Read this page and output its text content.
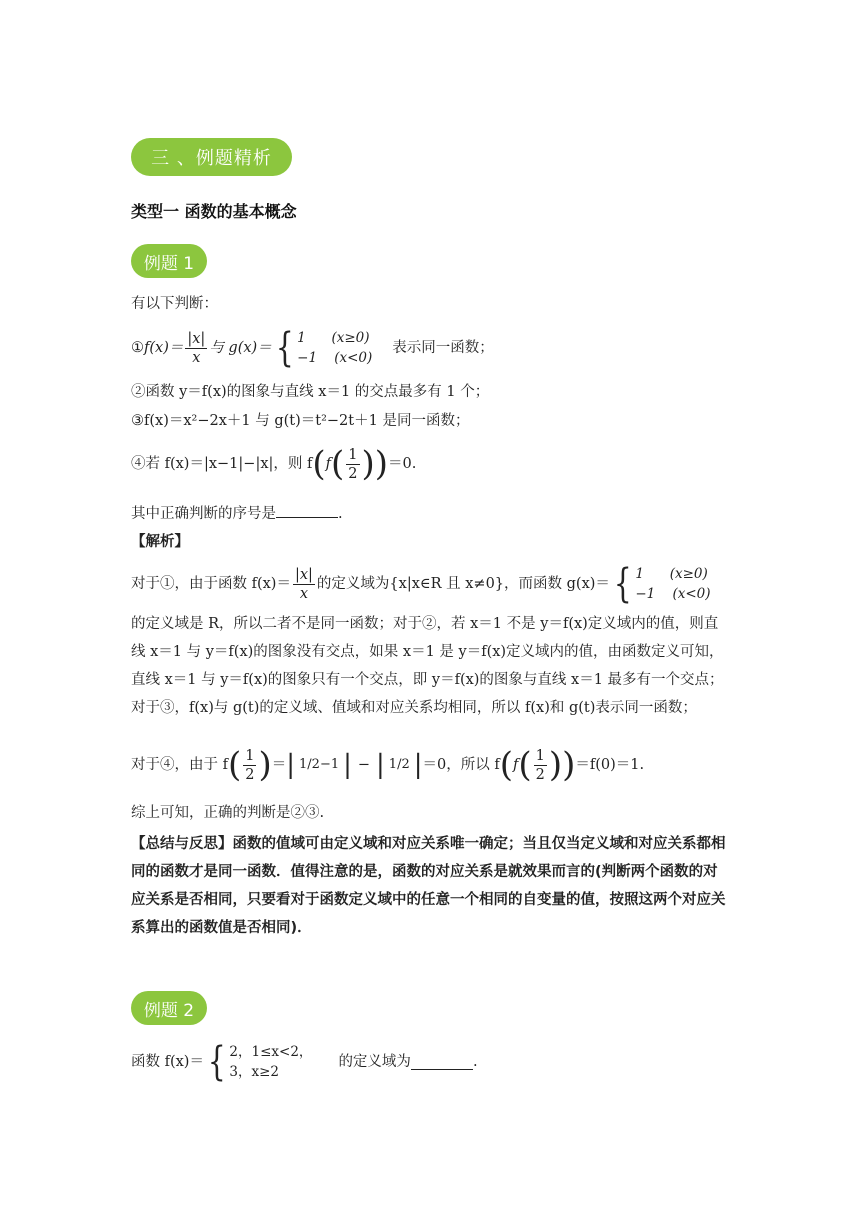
三 、例题精析
类型一 函数的基本概念
例题 1
有以下判断：
① $f(x)= \frac{|x|}{x}$ 与 g(x)＝ { 1      (x≥0)
−1    (x<0)
表示同一函数；
②函数 y＝f(x)的图象与直线 x＝1 的交点最多有 1 个；
③f(x)＝x²−2x＋1 与 g(t)＝t²−2t＋1 是同一函数；
④若 f(x)＝|x−1|−|x|，则 f ( f ( $\frac{1}{2}$ ) ) ＝0.
其中正确判断的序号是	.
【解析】
对于①，由于函数 $f(x)= \frac{|x|}{x}$ 的定义域为{x|x∈R 且 x≠0}，而函数 g(x)＝ { 1      (x≥0)
−1    (x<0)
的定义域是 R，所以二者不是同一函数；对于②，若 x＝1 不是 y＝f(x)定义域内的值，则直线 x＝1 与 y＝f(x)的图象没有交点，如果 x＝1 是 y＝f(x)定义域内的值，由函数定义可知，直线 x＝1 与 y＝f(x)的图象只有一个交点，即 y＝f(x)的图象与直线 x＝1 最多有一个交点；对于③，f(x)与 g(t)的定义域、值域和对应关系均相同，所以 f(x)和 g(t)表示同一函数；
对于④，由于 f ( $\frac{1}{2}$ ) ＝ | 1/2−1 | − | 1/2 | ＝0，所以 f ( f ( $\frac{1}{2}$ ) ) ＝f(0)＝1.
综上可知，正确的判断是②③.
【总结与反思】函数的值域可由定义域和对应关系唯一确定；当且仅当定义域和对应关系都相同的函数才是同一函数．值得注意的是，函数的对应关系是就效果而言的(判断两个函数的对应关系是否相同，只要看对于函数定义域中的任意一个相同的自变量的值，按照这两个对应关系算出的函数值是否相同)．
例题 2
函数 f(x)＝ { 2，1≤x<2，
3，x≥2
的定义域为	.
